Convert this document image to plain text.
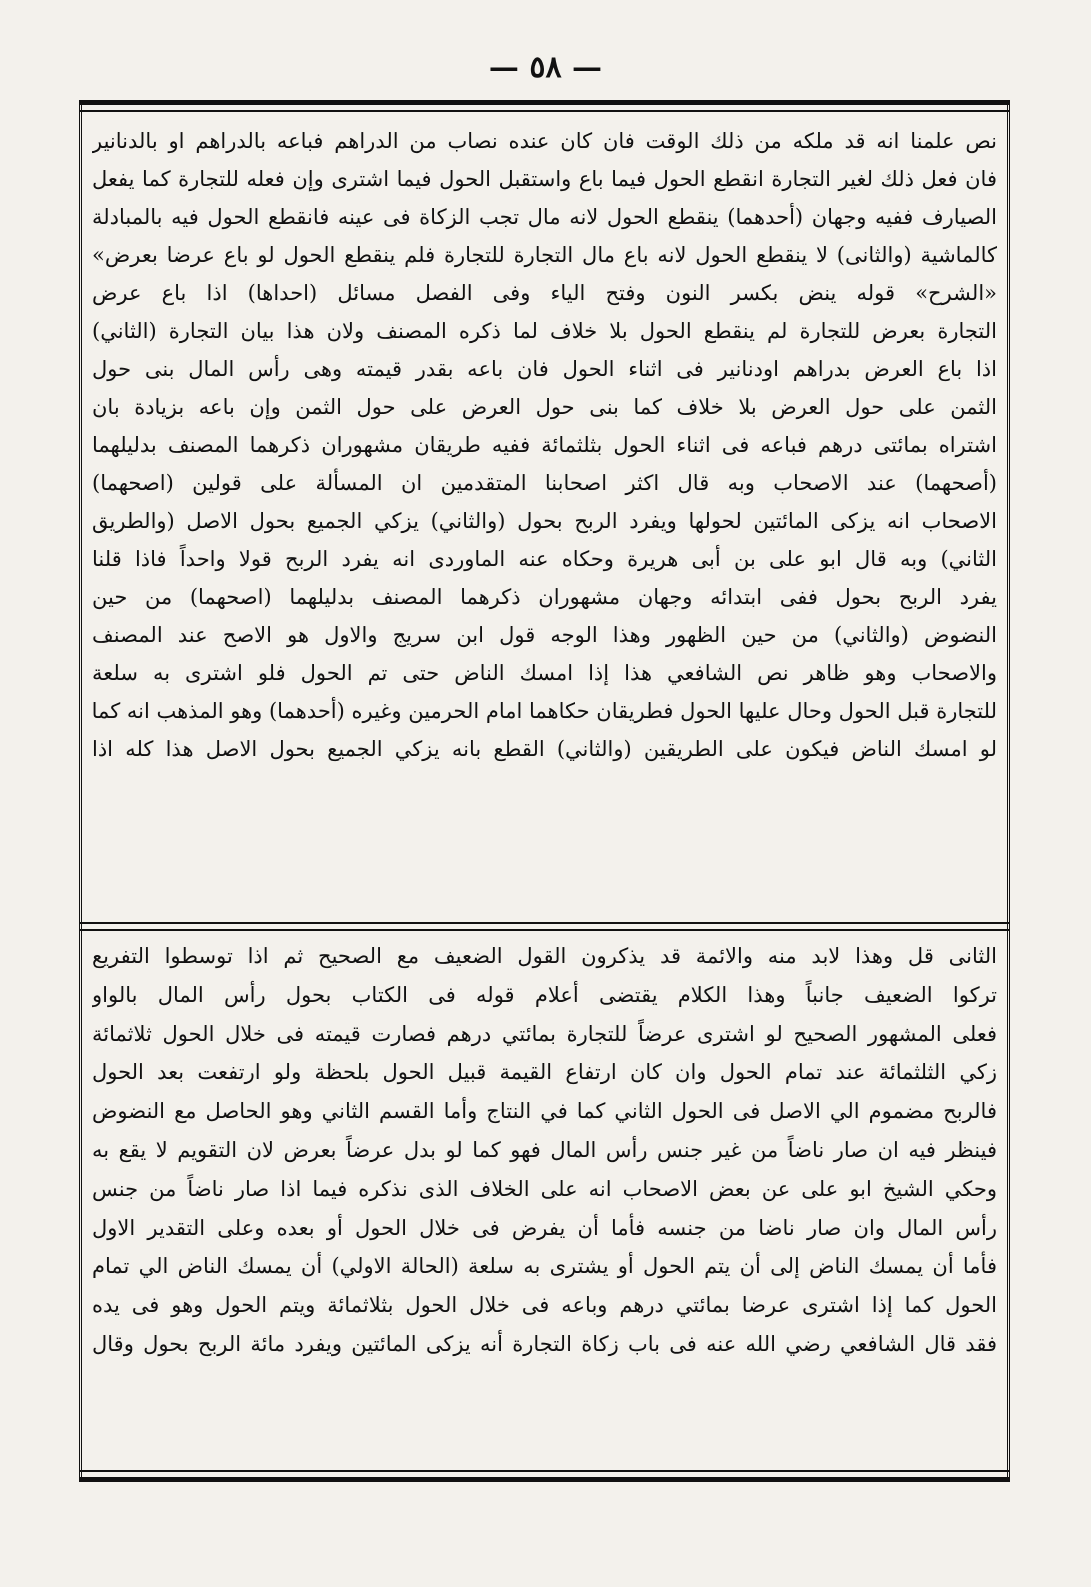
— ٥٨ —
نص علمنا انه قد ملكه من ذلك الوقت فان كان عنده نصاب من الدراهم فباعه بالدراهم او بالدنانير
فان فعل ذلك لغير التجارة انقطع الحول فيما باع واستقبل الحول فيما اشترى وإن فعله للتجارة كما يفعل
الصيارف ففيه وجهان (أحدهما) ينقطع الحول لانه مال تجب الزكاة فى عينه فانقطع الحول فيه بالمبادلة
كالماشية (والثانى) لا ينقطع الحول لانه باع مال التجارة للتجارة فلم ينقطع الحول لو باع عرضا بعرض»
«الشرح» قوله ينض بكسر النون وفتح الياء وفى الفصل مسائل (احداها) اذا باع عرض
التجارة بعرض للتجارة لم ينقطع الحول بلا خلاف لما ذكره المصنف ولان هذا بيان التجارة (الثاني)
اذا باع العرض بدراهم اودنانير فى اثناء الحول فان باعه بقدر قيمته وهى رأس المال بنى حول
الثمن على حول العرض بلا خلاف كما بنى حول العرض على حول الثمن وإن باعه بزيادة بان
اشتراه بمائتى درهم فباعه فى اثناء الحول بثلثمائة ففيه طريقان مشهوران ذكرهما المصنف بدليلهما
(أصحهما) عند الاصحاب وبه قال اكثر اصحابنا المتقدمين ان المسألة على قولين (اصحهما)
الاصحاب انه يزكى المائتين لحولها ويفرد الربح بحول (والثاني) يزكي الجميع بحول الاصل (والطريق
الثاني) وبه قال ابو على بن أبى هريرة وحكاه عنه الماوردى انه يفرد الربح قولا واحداً فاذا قلنا
يفرد الربح بحول ففى ابتدائه وجهان مشهوران ذكرهما المصنف بدليلهما (اصحهما) من حين
النضوض (والثاني) من حين الظهور وهذا الوجه قول ابن سريج والاول هو الاصح عند المصنف
والاصحاب وهو ظاهر نص الشافعي هذا إذا امسك الناض حتى تم الحول فلو اشترى به سلعة
للتجارة قبل الحول وحال عليها الحول فطريقان حكاهما امام الحرمين وغيره (أحدهما) وهو المذهب انه كما
لو امسك الناض فيكون على الطريقين (والثاني) القطع بانه يزكي الجميع بحول الاصل هذا كله اذا
الثانى قل وهذا لابد منه والائمة قد يذكرون القول الضعيف مع الصحيح ثم اذا توسطوا التفريع
تركوا الضعيف جانباً وهذا الكلام يقتضى أعلام قوله فى الكتاب بحول رأس المال بالواو
فعلى المشهور الصحيح لو اشترى عرضاً للتجارة بمائتي درهم فصارت قيمته فى خلال الحول ثلاثمائة
زكي الثلثمائة عند تمام الحول وان كان ارتفاع القيمة قبيل الحول بلحظة ولو ارتفعت بعد الحول
فالربح مضموم الي الاصل فى الحول الثاني كما في النتاج وأما القسم الثاني وهو الحاصل مع النضوض
فينظر فيه ان صار ناضاً من غير جنس رأس المال فهو كما لو بدل عرضاً بعرض لان التقويم لا يقع به
وحكي الشيخ ابو على عن بعض الاصحاب انه على الخلاف الذى نذكره فيما اذا صار ناضاً من جنس
رأس المال وان صار ناضا من جنسه فأما أن يفرض فى خلال الحول أو بعده وعلى التقدير الاول
فأما أن يمسك الناض إلى أن يتم الحول أو يشترى به سلعة (الحالة الاولي) أن يمسك الناض الي تمام
الحول كما إذا اشترى عرضا بمائتي درهم وباعه فى خلال الحول بثلاثمائة ويتم الحول وهو فى يده
فقد قال الشافعي رضي الله عنه فى باب زكاة التجارة أنه يزكى المائتين ويفرد مائة الربح بحول وقال
